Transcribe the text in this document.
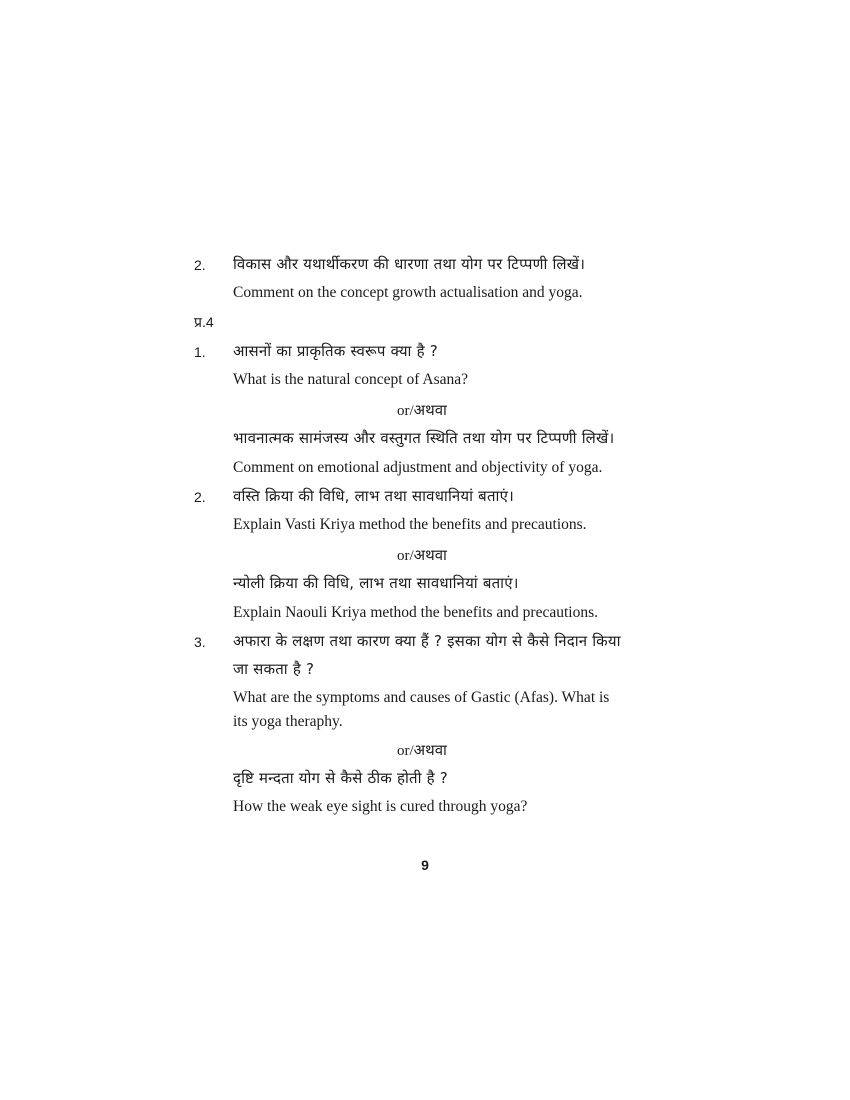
2. विकास और यथार्थीकरण की धारणा तथा योग पर टिप्पणी लिखें।
Comment on the concept growth actualisation and yoga.
प्र.4
1. आसनों का प्राकृतिक स्वरूप क्या है ?
What is the natural concept of Asana?
or/अथवा
भावनात्मक सामंजस्य और वस्तुगत स्थिति तथा योग पर टिप्पणी लिखें।
Comment on emotional adjustment and objectivity of yoga.
2. वस्ति क्रिया की विधि, लाभ तथा सावधानियां बताएं।
Explain Vasti Kriya method the benefits and precautions.
or/अथवा
न्योली क्रिया की विधि, लाभ तथा सावधानियां बताएं।
Explain Naouli Kriya method the benefits and precautions.
3. अफारा के लक्षण तथा कारण क्या हैं ? इसका योग से कैसे निदान किया
जा सकता है ?
What are the symptoms and causes of Gastic (Afas). What is
its yoga theraphy.
or/अथवा
दृष्टि मन्दता योग से कैसे ठीक होती है ?
How the weak eye sight is cured through yoga?
9
